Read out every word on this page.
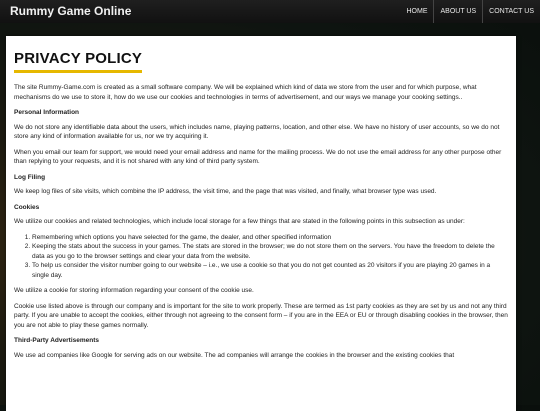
Rummy Game Online	HOME	ABOUT US	CONTACT US
PRIVACY POLICY

The site Rummy-Game.com is created as a small software company. We will be explained which kind of data we store from the user and for which purpose, what mechanisms do we use to store it, how do we use our cookies and technologies in terms of advertisement, and our ways we manage your cooking settings..

Personal Information

We do not store any identifiable data about the users, which includes name, playing patterns, location, and other else. We have no history of user accounts, so we do not store any kind of information available for us, nor we try acquiring it.

When you email our team for support, we would need your email address and name for the mailing process. We do not use the email address for any other purpose other than replying to your requests, and it is not shared with any kind of third party system.

Log Filing

We keep log files of site visits, which combine the IP address, the visit time, and the page that was visited, and finally, what browser type was used.

Cookies

We utilize our cookies and related technologies, which include local storage for a few things that are stated in the following points in this subsection as under:

1. Remembering which options you have selected for the game, the dealer, and other specified information
2. Keeping the stats about the success in your games. The stats are stored in the browser; we do not store them on the servers. You have the freedom to delete the data as you go to the browser settings and clear your data from the website.
3. To help us consider the visitor number going to our website – i.e., we use a cookie so that you do not get counted as 20 visitors if you are playing 20 games in a single day.

We utilize a cookie for storing information regarding your consent of the cookie use.

Cookie use listed above is through our company and is important for the site to work properly. These are termed as 1st party cookies as they are set by us and not any third party. If you are unable to accept the cookies, either through not agreeing to the consent form – if you are in the EEA or EU or through disabling cookies in the browser, then you are not able to play these games normally.

Third-Party Advertisements

We use ad companies like Google for serving ads on our website. The ad companies will arrange the cookies in the browser and the existing cookies that
